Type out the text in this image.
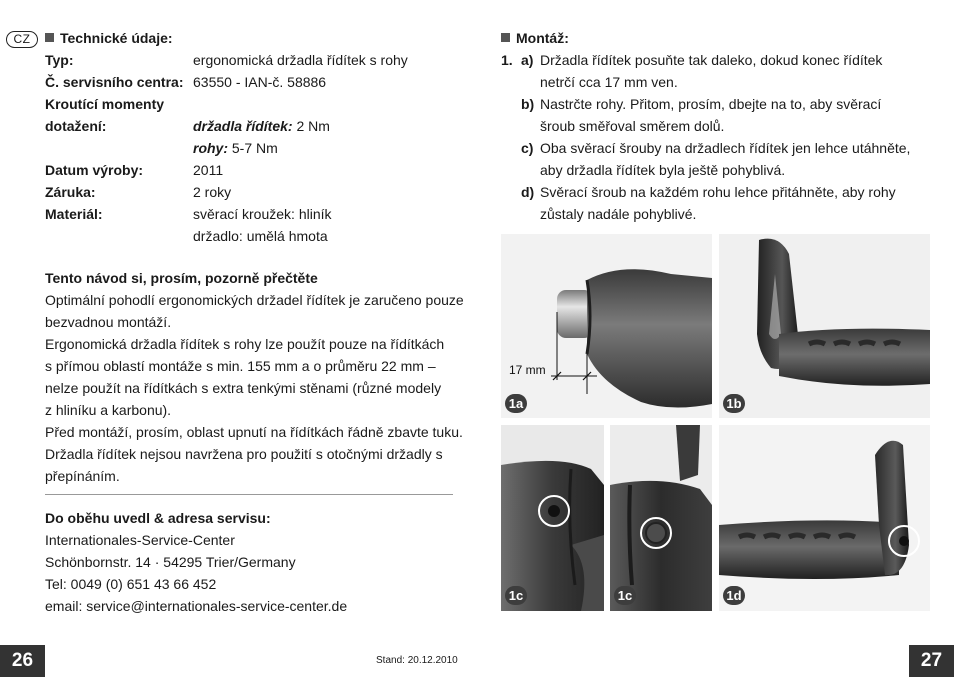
CZ	Technické údaje:
Typ:	ergonomická držadla řídítek s rohy
Č. servisního centra: 63550 - IAN-č. 58886
Kroutící momenty
dotažení:	držadla řídítek: 2 Nm
rohy: 5-7 Nm
Datum výroby:	2011
Záruka:	2 roky
Materiál:	svěrací kroužek: hliník
držadlo: umělá hmota
Tento návod si, prosím, pozorně přečtěte
Optimální pohodlí ergonomických držadel řídítek je zaručeno pouze
bezvadnou montáží.
Ergonomická držadla řídítek s rohy lze použít pouze na řídítkách
s přímou oblastí montáže s min. 155 mm a o průměru 22 mm –
nelze použít na řídítkách s extra tenkými stěnami (různé modely
z hliníku a karbonu).
Před montáží, prosím, oblast upnutí na řídítkách řádně zbavte tuku.
Držadla řídítek nejsou navržena pro použití s otočnými držadly s
přepínáním.
Do oběhu uvedl & adresa servisu:
Internationales-Service-Center
Schönbornstr. 14 · 54295 Trier/Germany
Tel: 0049 (0) 651 43 66 452
email: service@internationales-service-center.de
26	Stand: 20.12.2010
Montáž:
1. a) Držadla řídítek posuňte tak daleko, dokud konec řídítek
netrčí cca 17 mm ven.
b) Nastrčte rohy. Přitom, prosím, dbejte na to, aby svěrací
šroub směřoval směrem dolů.
c) Oba svěrací šrouby na držadlech řídítek jen lehce utáhněte,
aby držadla řídítek byla ještě pohyblivá.
d) Svěrací šroub na každém rohu lehce přitáhněte, aby rohy
zůstaly nadále pohyblivé.
17 mm
1a	1b
1c	1c	1d
27
